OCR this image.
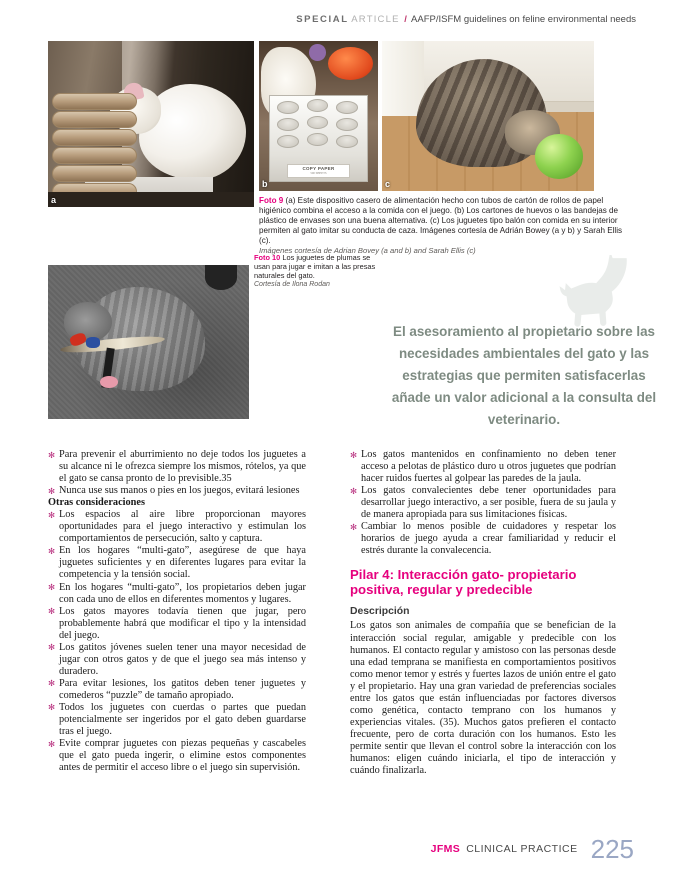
SPECIAL ARTICLE / AAFP/ISFM guidelines on feline environmental needs
a
COPY PAPER
500 SHEETS
b	c
Foto 9 (a) Este dispositivo casero de alimentación hecho con tubos de cartón de rollos de papel higiénico combina el acceso a la comida con el juego. (b) Los cartones de huevos o las bandejas de plástico de envases son una buena alternativa. (c) Los juguetes tipo balón con comida en su interior permiten al gato imitar su conducta de caza. Imágenes cortesía de Adrián Bowey (a y b) y Sarah Ellis (c).
Imágenes cortesía de Adrian Bovey (a and b) and Sarah Ellis (c)
Foto 10 Los juguetes de plumas se usan para jugar e imitan a las presas naturales del gato.
Cortesía de Ilona Rodan
El asesoramiento al propietario sobre las necesidades ambientales del gato y las estrategias que permiten satisfacerlas añade un valor adicional a la consulta del veterinario.

✻ Para prevenir el aburrimiento no deje todos los juguetes a su alcance ni le ofrezca siempre los mismos, rótelos, ya que el gato se cansa pronto de lo previsible.35

✻ Nunca use sus manos o pies en los juegos, evitará lesiones

Otras consideraciones

✻ Los espacios al aire libre proporcionan mayores oportunidades para el juego interactivo y estimulan los comportamientos de persecución, salto y captura.

✻ En los hogares “multi-gato”, asegúrese de que haya juguetes suficientes y en diferentes lugares para evitar la competencia y la tensión social.

✻ En los hogares “multi-gato”, los propietarios deben jugar con cada uno de ellos en diferentes momentos y lugares.

✻ Los gatos mayores todavía tienen que jugar, pero probablemente habrá que modificar el tipo y la intensidad del juego.

✻ Los gatitos jóvenes suelen tener una mayor necesidad de jugar con otros gatos y de que el juego sea más intenso y duradero.

✻ Para evitar lesiones, los gatitos deben tener juguetes y comederos “puzzle” de tamaño apropiado.

✻ Todos los juguetes con cuerdas o partes que puedan potencialmente ser ingeridos por el gato deben guardarse tras el juego.

✻ Evite comprar juguetes con piezas pequeñas y cascabeles que el gato pueda ingerir, o elimine estos componentes antes de permitir el acceso libre o el juego sin supervisión.

✻ Los gatos mantenidos en confinamiento no deben tener acceso a pelotas de plástico duro u otros juguetes que podrían hacer ruidos fuertes al golpear las paredes de la jaula.

✻ Los gatos convalecientes debe tener oportunidades para desarrollar juego interactivo, a ser posible, fuera de su jaula y de manera apropiada para sus limitaciones físicas.

✻ Cambiar lo menos posible de cuidadores y respetar los horarios de juego ayuda a crear familiaridad y reducir el estrés durante la convalecencia.

Pilar 4: Interacción gato- propietario positiva, regular y predecible
Descripción

Los gatos son animales de compañía que se benefician de la interacción social regular, amigable y predecible con los humanos. El contacto regular y amistoso con las personas desde una edad temprana se manifiesta en comportamientos positivos como menor temor y estrés y fuertes lazos de unión entre el gato y el propietario. Hay una gran variedad de preferencias sociales entre los gatos que están influenciadas por factores diversos como genética, contacto temprano con los humanos y experiencias vitales. (35). Muchos gatos prefieren el contacto frecuente, pero de corta duración con los humanos. Esto les permite sentir que llevan el control sobre la interacción con los humanos: eligen cuándo iniciarla, el tipo de interacción y cuándo finalizarla.

JFMS CLINICAL PRACTICE 225
